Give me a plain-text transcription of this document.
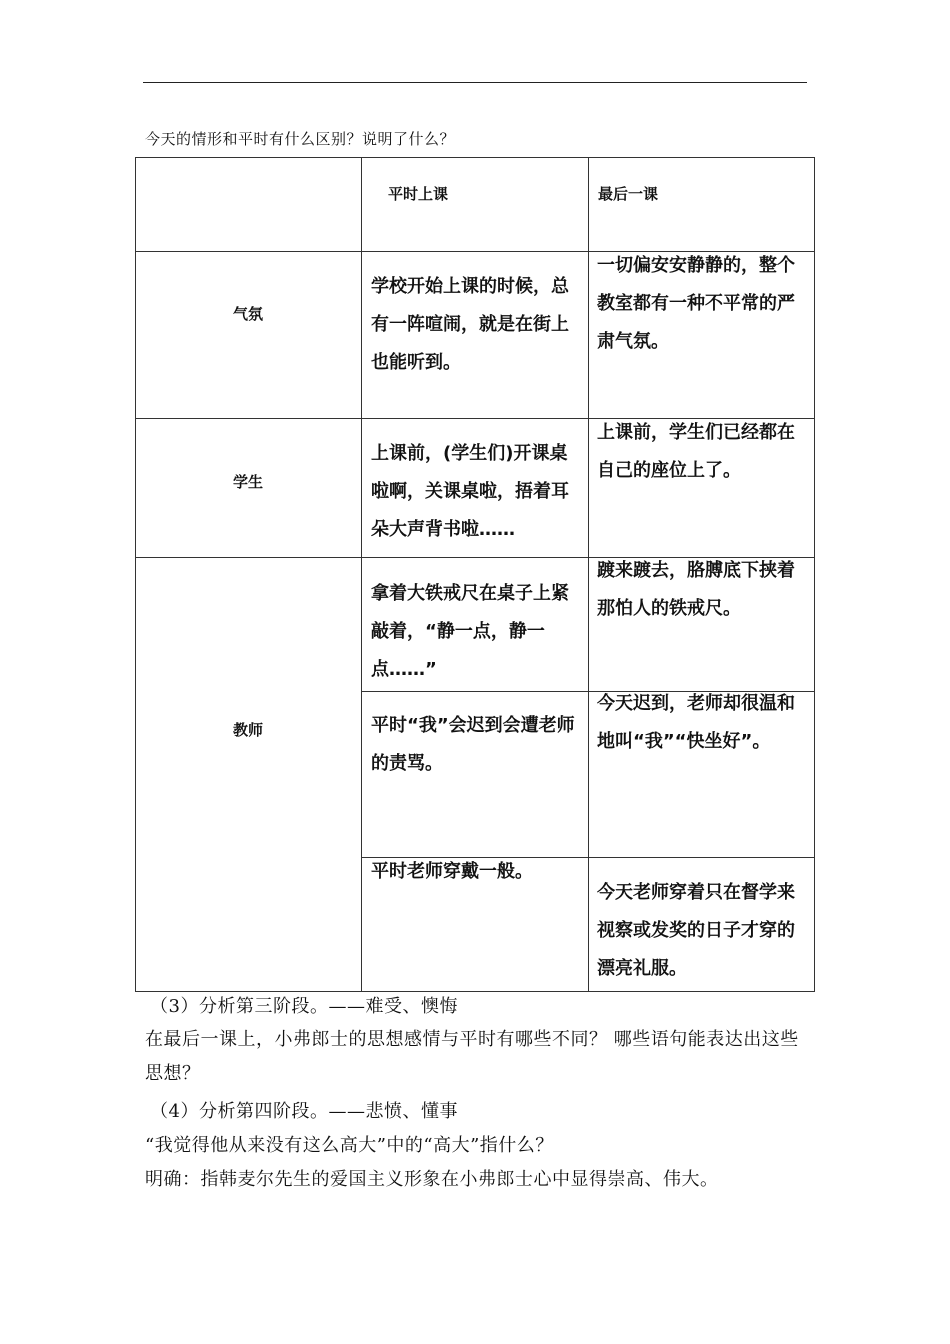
今天的情形和平时有什么区别？说明了什么？
平时上课	最后一课
气氛
学校开始上课的时候，总有一阵喧闹，就是在街上也能听到。
一切偏安安静静的，整个教室都有一种不平常的严肃气氛。
学生
上课前，(学生们)开课桌啦啊，关课桌啦，捂着耳朵大声背书啦……
上课前，学生们已经都在自己的座位上了。
教师
拿着大铁戒尺在桌子上紧敲着，“静一点，静一点……”
踱来踱去，胳膊底下挟着那怕人的铁戒尺。
平时“我”会迟到会遭老师的责骂。
今天迟到，老师却很温和地叫“我”“快坐好”。
平时老师穿戴一般。
今天老师穿着只在督学来视察或发奖的日子才穿的漂亮礼服。
（3）分析第三阶段。——难受、懊悔
在最后一课上，小弗郎士的思想感情与平时有哪些不同？ 哪些语句能表达出这些思想？
（4）分析第四阶段。——悲愤、懂事
“我觉得他从来没有这么高大”中的“高大”指什么？
明确：指韩麦尔先生的爱国主义形象在小弗郎士心中显得崇高、伟大。
